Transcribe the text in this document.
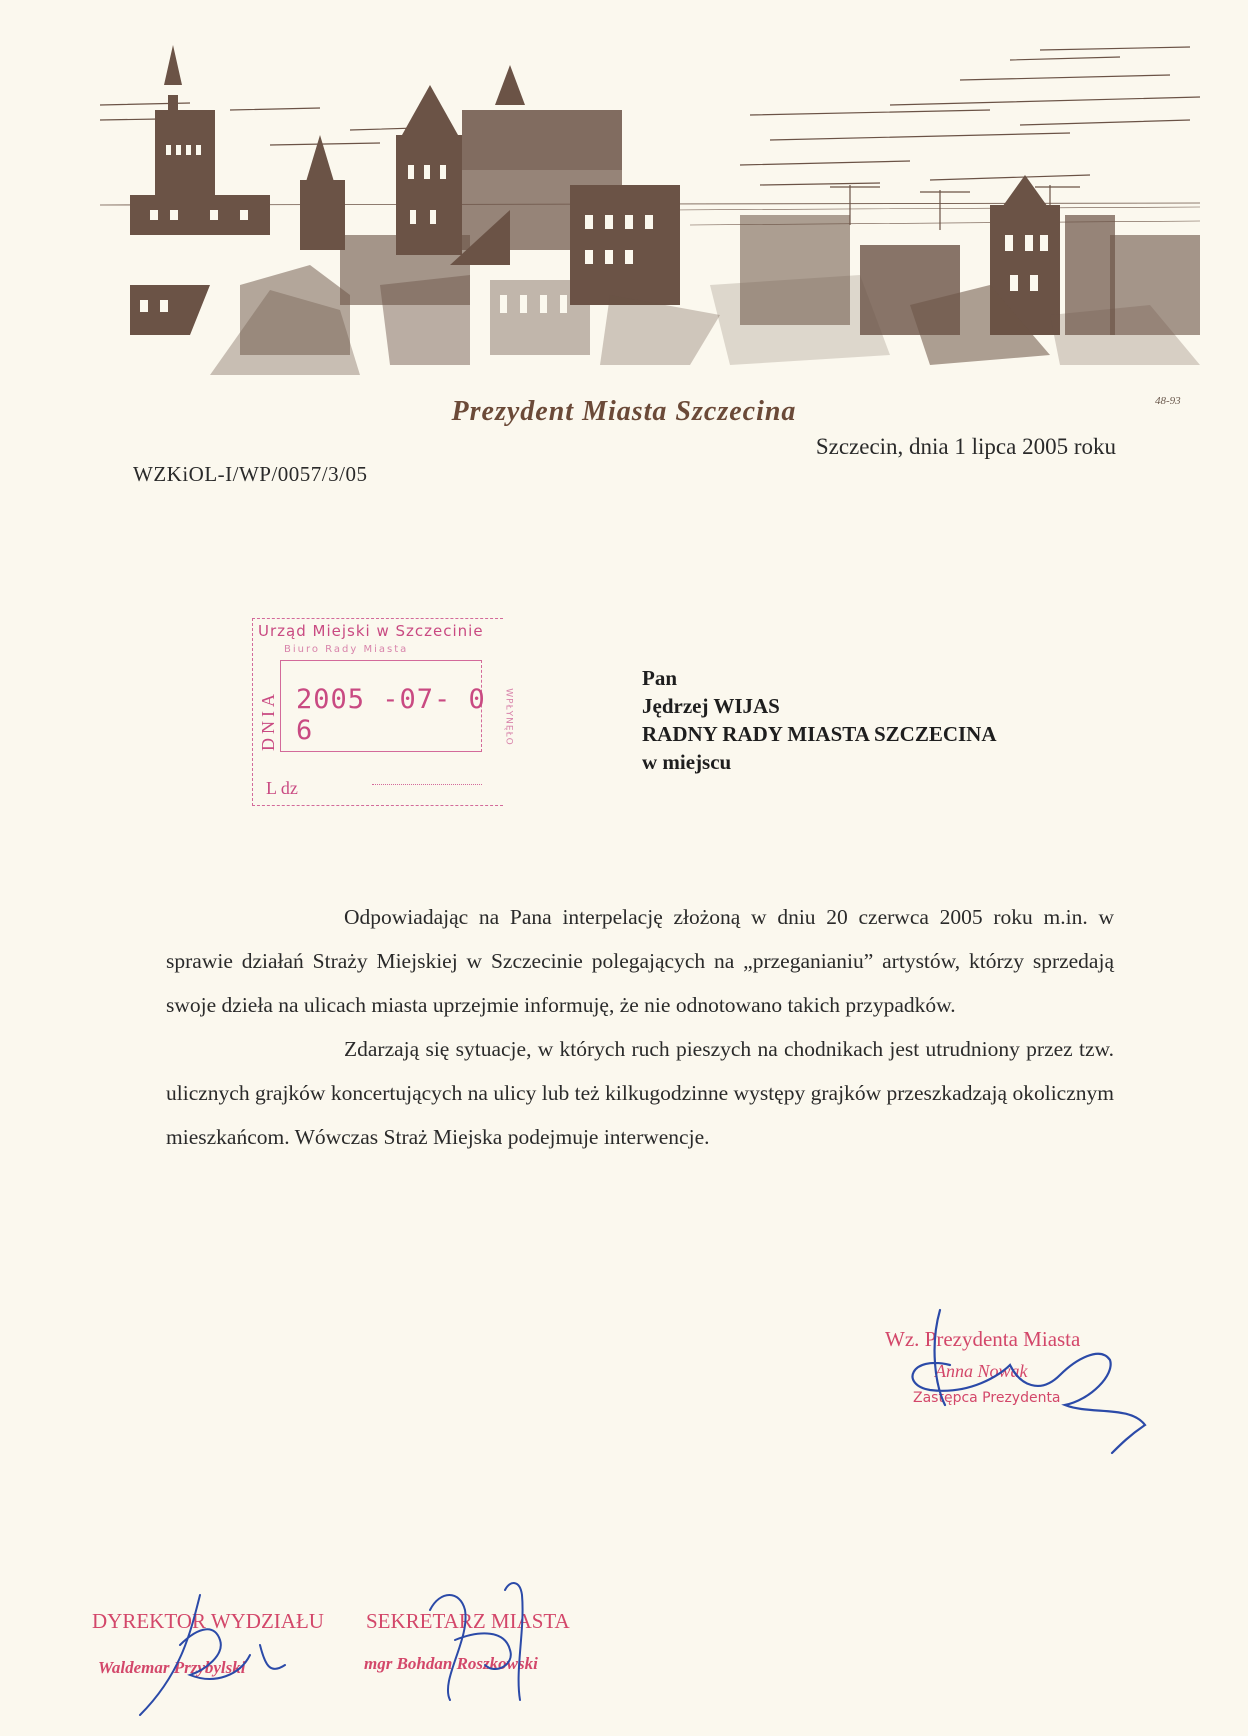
48-93
Prezydent Miasta Szczecina
Szczecin, dnia 1 lipca 2005 roku
WZKiOL-I/WP/0057/3/05
Urząd Miejski w Szczecinie
Biuro Rady Miasta
DNIA 2005 -07- 0 6	WPŁYNĘŁO
L dz
Pan
Jędrzej WIJAS
RADNY RADY MIASTA SZCZECINA
w miejscu

Odpowiadając na Pana interpelację złożoną w dniu 20 czerwca 2005 roku m.in. w sprawie działań Straży Miejskiej w Szczecinie polegających na „przeganianiu” artystów, którzy sprzedają swoje dzieła na ulicach miasta uprzejmie informuję, że nie odnotowano takich przypadków.

Zdarzają się sytuacje, w których ruch pieszych na chodnikach jest utrudniony przez tzw. ulicznych grajków koncertujących na ulicy lub też kilkugodzinne występy grajków przeszkadzają okolicznym mieszkańcom. Wówczas Straż Miejska podejmuje interwencje.

Wz. Prezydenta Miasta
Anna Nowak
Zastępca Prezydenta
DYREKTOR WYDZIAŁU
Waldemar Przybylski
SEKRETARZ MIASTA
mgr Bohdan Roszkowski
